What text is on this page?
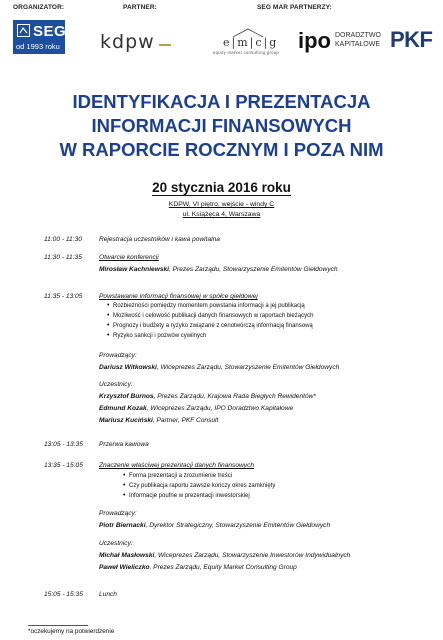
ORGANIZATOR:	PARTNER:	SEG MAR PARTNERZY:
SEG
od 1993 roku kdpw	e|m|c|g
equity market consulting group ipo DORADZTWO
KAPITAŁOWE PKF
IDENTYFIKACJA I PREZENTACJA
INFORMACJI FINANSOWYCH
W RAPORCIE ROCZNYM I POZA NIM
20 stycznia 2016 roku
KDPW, VI piętro, wejście - windy C
ul. Książęca 4, Warszawa
11:00 - 11:30	Rejestracja uczestników i kawa powitalna
11:30 - 11:35	Otwarcie konferencji
Mirosław Kachniewski, Prezes Zarządu, Stowarzyszenie Emitentów Giełdowych
11:35 - 13:05	Powstawanie informacji finansowej w spółce giełdowej
• Rozbieżności pomiędzy momentem powstania informacji a jej publikacją
• Możliwość i celowość publikacji danych finansowych w raportach bieżących
• Prognozy i budżety a ryzyko związane z cenotwórczą informacją finansową
• Ryzyko sankcji i pozwów cywilnych
Prowadzący:
Dariusz Witkowski, Wiceprezes Zarządu, Stowarzyszenie Emitentów Giełdowych
Uczestnicy:
Krzysztof Burnos, Prezes Zarządu, Krajowa Rada Biegłych Rewidentów*
Edmund Kozak, Wiceprezes Zarządu, IPO Doradztwo Kapitałowe
Mariusz Kuciński, Partner, PKF Consult
13:05 - 13:35 Przerwa kawowa
13:35 - 15:05 Znaczenie właściwej prezentacji danych finansowych
• Forma prezentacji a zrozumienie treści
• Czy publikacja raportu zawsze kończy okres zamknięty
• Informacje poufne w prezentacji inwestorskiej
Prowadzący:
Piotr Biernacki, Dyrektor Strategiczny, Stowarzyszenie Emitentów Giełdowych
Uczestnicy:
Michał Masłowski, Wiceprezes Zarządu, Stowarzyszenie Inwestorów Indywidualnych
Paweł Wieliczko, Prezes Zarządu, Equity Market Consulting Group
15:05 - 15:35 Lunch
*oczekujemy na potwierdzenie
